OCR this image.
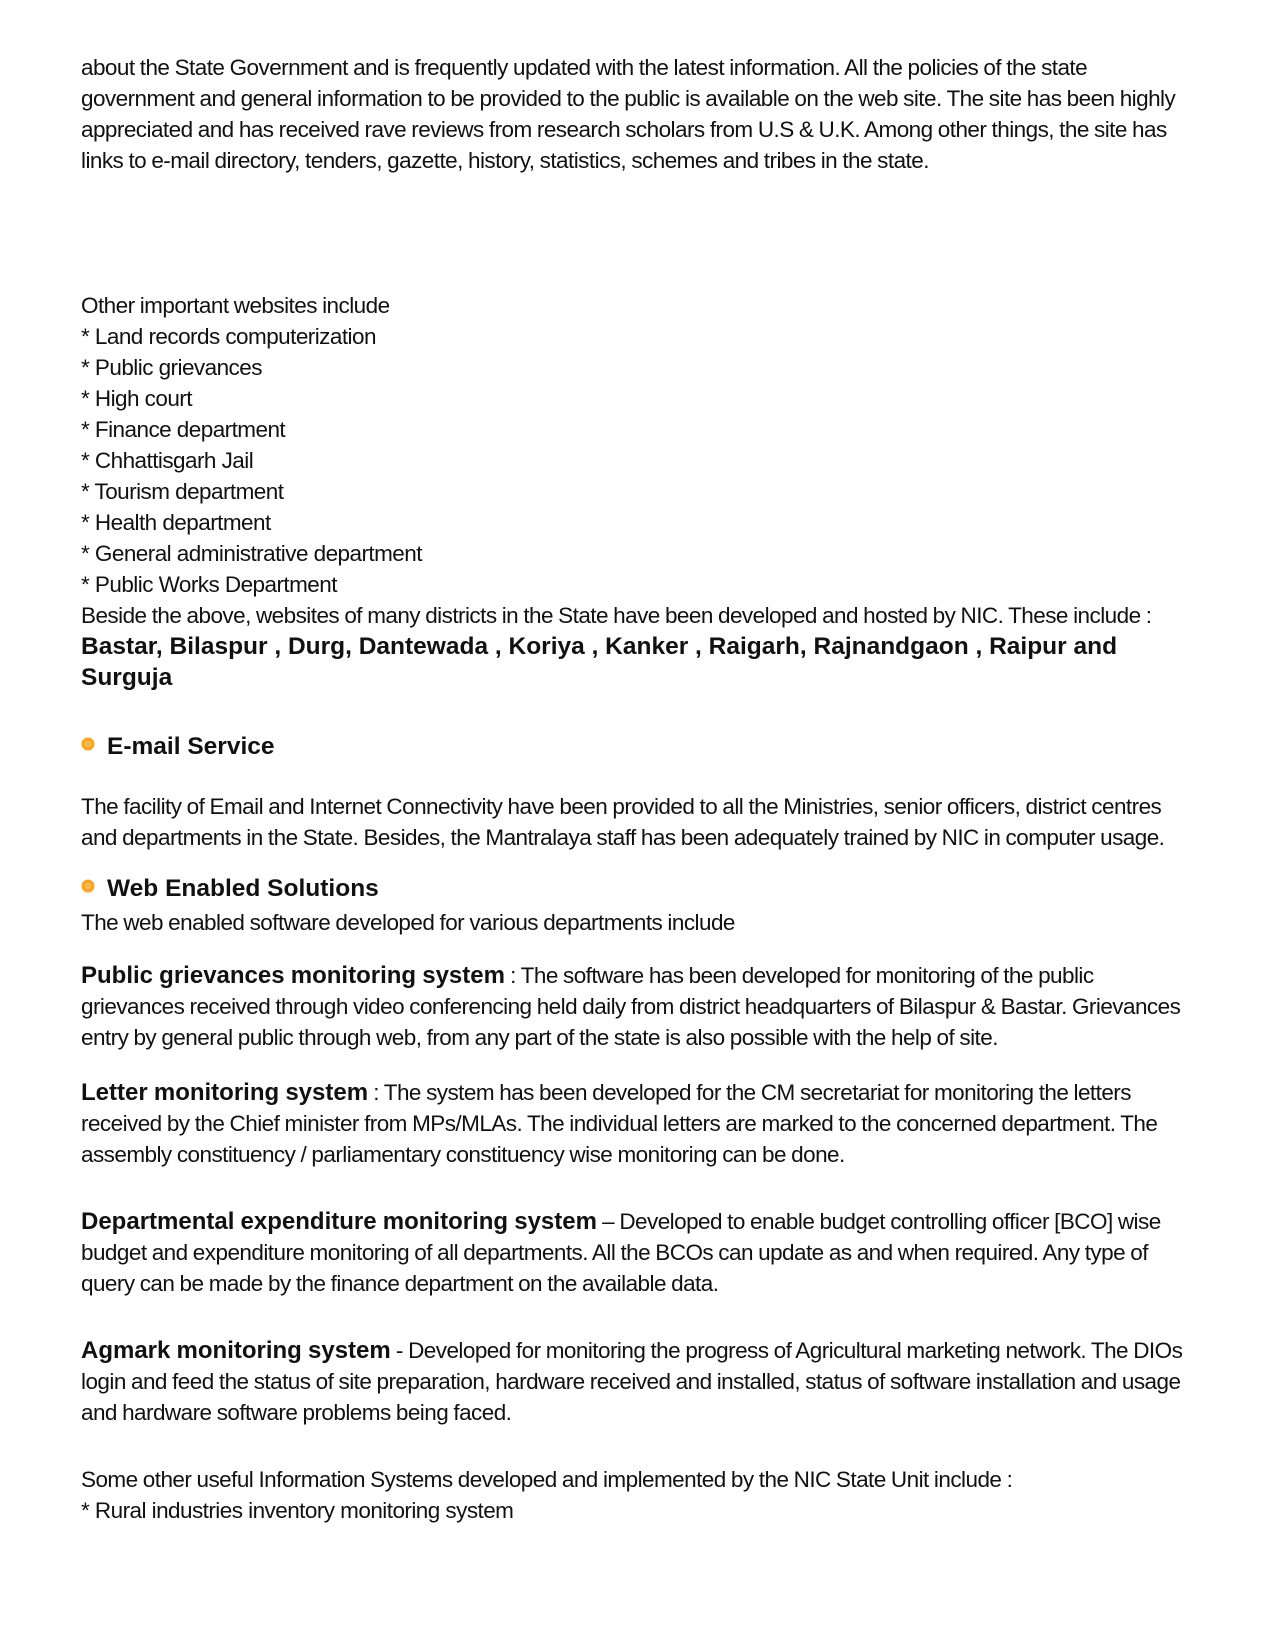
about the State Government and is frequently updated with the latest information. All the policies of the state government and general information to be provided to the public is available on the web site. The site has been highly appreciated and has received rave reviews from research scholars from U.S & U.K. Among other things, the site has links to e-mail directory, tenders, gazette, history, statistics, schemes and tribes in the state.

Other important websites include

* Land records computerization
* Public grievances
* High court
* Finance department
* Chhattisgarh Jail
* Tourism department
* Health department
* General administrative department
* Public Works Department

Beside the above, websites of many districts in the State have been developed and hosted by NIC. These include :

Bastar, Bilaspur , Durg, Dantewada , Koriya , Kanker , Raigarh, Rajnandgaon , Raipur and Surguja

E-mail Service

The facility of Email and Internet Connectivity have been provided to all the Ministries, senior officers, district centres and departments in the State. Besides, the Mantralaya staff has been adequately trained by NIC in computer usage.

Web Enabled Solutions

The web enabled software developed for various departments include

Public grievances monitoring system : The software has been developed for monitoring of the public grievances received through video conferencing held daily from district headquarters of Bilaspur & Bastar. Grievances entry by general public through web, from any part of the state is also possible with the help of site.

Letter monitoring system : The system has been developed for the CM secretariat for monitoring the letters received by the Chief minister from MPs/MLAs. The individual letters are marked to the concerned department. The assembly constituency / parliamentary constituency wise monitoring can be done.

Departmental expenditure monitoring system – Developed to enable budget controlling officer [BCO] wise budget and expenditure monitoring of all departments. All the BCOs can update as and when required. Any type of query can be made by the finance department on the available data.

Agmark monitoring system - Developed for monitoring the progress of Agricultural marketing network. The DIOs login and feed the status of site preparation, hardware received and installed, status of software installation and usage and hardware software problems being faced.

Some other useful Information Systems developed and implemented by the NIC State Unit include :

* Rural industries inventory monitoring system
